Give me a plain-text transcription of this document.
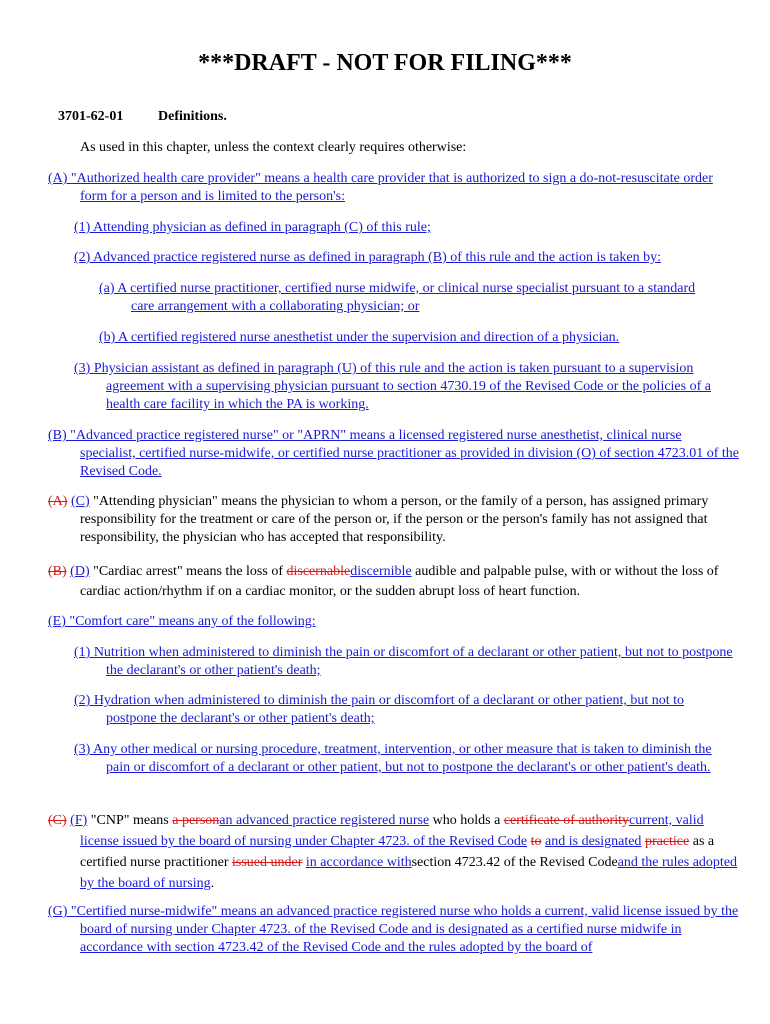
***DRAFT - NOT FOR FILING***
3701-62-01 Definitions.
As used in this chapter, unless the context clearly requires otherwise:
(A) "Authorized health care provider" means a health care provider that is authorized to sign a do-not-resuscitate order form for a person and is limited to the person's:
(1) Attending physician as defined in paragraph (C) of this rule;
(2) Advanced practice registered nurse as defined in paragraph (B) of this rule and the action is taken by:
(a) A certified nurse practitioner, certified nurse midwife, or clinical nurse specialist pursuant to a standard care arrangement with a collaborating physician; or
(b) A certified registered nurse anesthetist under the supervision and direction of a physician.
(3) Physician assistant as defined in paragraph (U) of this rule and the action is taken pursuant to a supervision agreement with a supervising physician pursuant to section 4730.19 of the Revised Code or the policies of a health care facility in which the PA is working.
(B) "Advanced practice registered nurse" or "APRN" means a licensed registered nurse anesthetist, clinical nurse specialist, certified nurse-midwife, or certified nurse practitioner as provided in division (O) of section 4723.01 of the Revised Code.
(A) (C) "Attending physician" means the physician to whom a person, or the family of a person, has assigned primary responsibility for the treatment or care of the person or, if the person or the person's family has not assigned that responsibility, the physician who has accepted that responsibility.
(B) (D) "Cardiac arrest" means the loss of discernablediscernible audible and palpable pulse, with or without the loss of cardiac action/rhythm if on a cardiac monitor, or the sudden abrupt loss of heart function.
(E) "Comfort care" means any of the following:
(1) Nutrition when administered to diminish the pain or discomfort of a declarant or other patient, but not to postpone the declarant's or other patient's death;
(2) Hydration when administered to diminish the pain or discomfort of a declarant or other patient, but not to postpone the declarant's or other patient's death;
(3) Any other medical or nursing procedure, treatment, intervention, or other measure that is taken to diminish the pain or discomfort of a declarant or other patient, but not to postpone the declarant's or other patient's death.
(C) (F) "CNP" means a personan advanced practice registered nurse who holds a certificate of authoritycurrent, valid license issued by the board of nursing under Chapter 4723. of the Revised Code to and is designated practice as a certified nurse practitioner issued under in accordance withsection 4723.42 of the Revised Codeand the rules adopted by the board of nursing.
(G) "Certified nurse-midwife" means an advanced practice registered nurse who holds a current, valid license issued by the board of nursing under Chapter 4723. of the Revised Code and is designated as a certified nurse midwife in accordance with section 4723.42 of the Revised Code and the rules adopted by the board of
